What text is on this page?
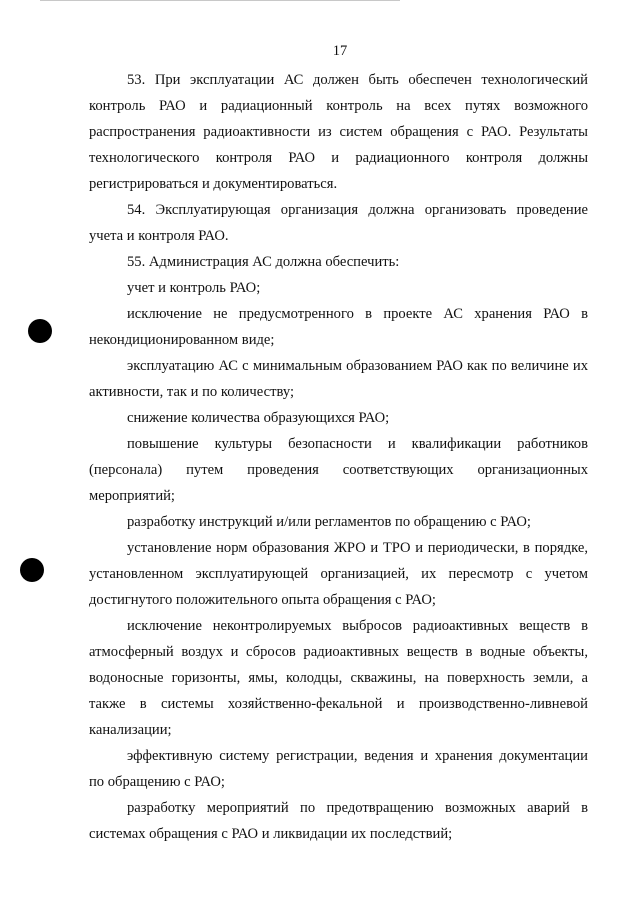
17

53. При эксплуатации АС должен быть обеспечен технологический контроль РАО и радиационный контроль на всех путях возможного распространения радиоактивности из систем обращения с РАО. Результаты технологического контроля РАО и радиационного контроля должны регистрироваться и документироваться.

54. Эксплуатирующая организация должна организовать проведение учета и контроля РАО.

55. Администрация АС должна обеспечить:

учет и контроль РАО;

исключение не предусмотренного в проекте АС хранения РАО в некондиционированном виде;

эксплуатацию АС с минимальным образованием РАО как по величине их активности, так и по количеству;

снижение количества образующихся РАО;

повышение культуры безопасности и квалификации работников (персонала) путем проведения соответствующих организационных мероприятий;

разработку инструкций и/или регламентов по обращению с РАО;

установление норм образования ЖРО и ТРО и периодически, в порядке, установленном эксплуатирующей организацией, их пересмотр с учетом достигнутого положительного опыта обращения с РАО;

исключение неконтролируемых выбросов радиоактивных веществ в атмосферный воздух и сбросов радиоактивных веществ в водные объекты, водоносные горизонты, ямы, колодцы, скважины, на поверхность земли, а также в системы хозяйственно-фекальной и производственно-ливневой канализации;

эффективную систему регистрации, ведения и хранения документации по обращению с РАО;

разработку мероприятий по предотвращению возможных аварий в системах обращения с РАО и ликвидации их последствий;
